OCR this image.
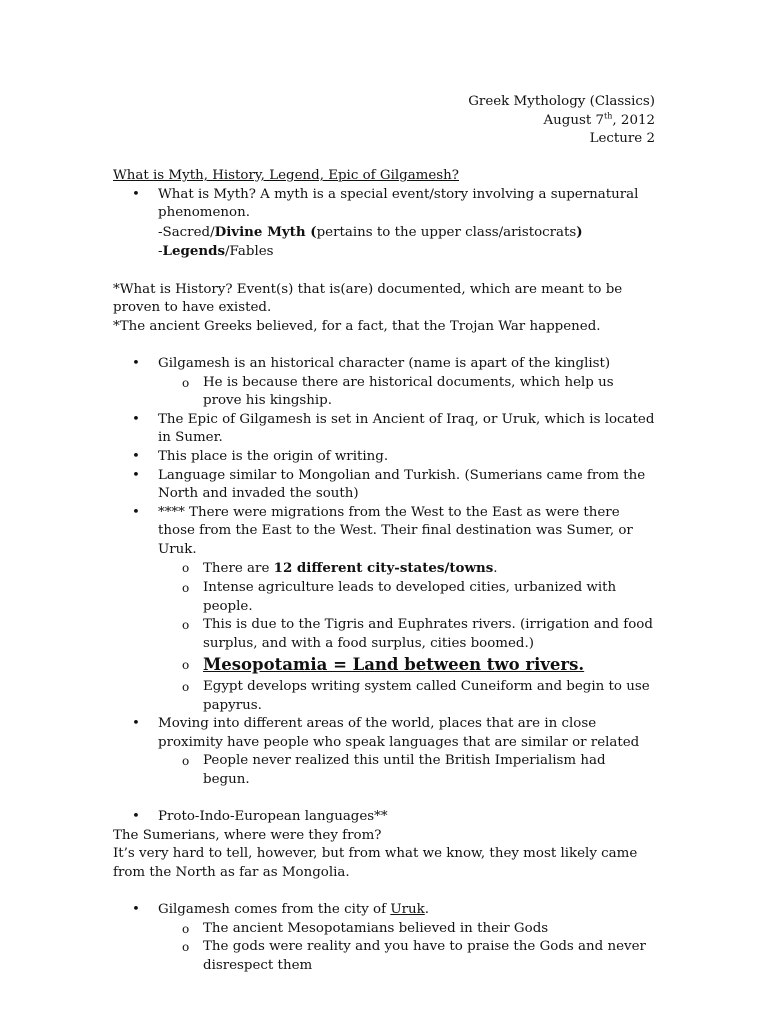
Greek Mythology (Classics)
August 7th, 2012
Lecture 2
What is Myth, History, Legend, Epic of Gilgamesh?
• What is Myth? A myth is a special event/story involving a supernatural phenomenon.
-Sacred/Divine Myth (pertains to the upper class/aristocrats)
-Legends/Fables
*What is History? Event(s) that is(are) documented, which are meant to be proven to have existed.
*The ancient Greeks believed, for a fact, that the Trojan War happened.
• Gilgamesh is an historical character (name is apart of the kinglist)
o He is because there are historical documents, which help us prove his kingship.
• The Epic of Gilgamesh is set in Ancient of Iraq, or Uruk, which is located in Sumer.
• This place is the origin of writing.
• Language similar to Mongolian and Turkish. (Sumerians came from the North and invaded the south)
• **** There were migrations from the West to the East as were there those from the East to the West. Their final destination was Sumer, or Uruk.
o There are 12 different city-states/towns.
o Intense agriculture leads to developed cities, urbanized with people.
o This is due to the Tigris and Euphrates rivers. (irrigation and food surplus, and with a food surplus, cities boomed.)
o Mesopotamia = Land between two rivers.
o Egypt develops writing system called Cuneiform and begin to use papyrus.
• Moving into different areas of the world, places that are in close proximity have people who speak languages that are similar or related
o People never realized this until the British Imperialism had begun.
• Proto-Indo-European languages**
The Sumerians, where were they from?
It’s very hard to tell, however, but from what we know, they most likely came from the North as far as Mongolia.
• Gilgamesh comes from the city of Uruk.
o The ancient Mesopotamians believed in their Gods
o The gods were reality and you have to praise the Gods and never disrespect them
